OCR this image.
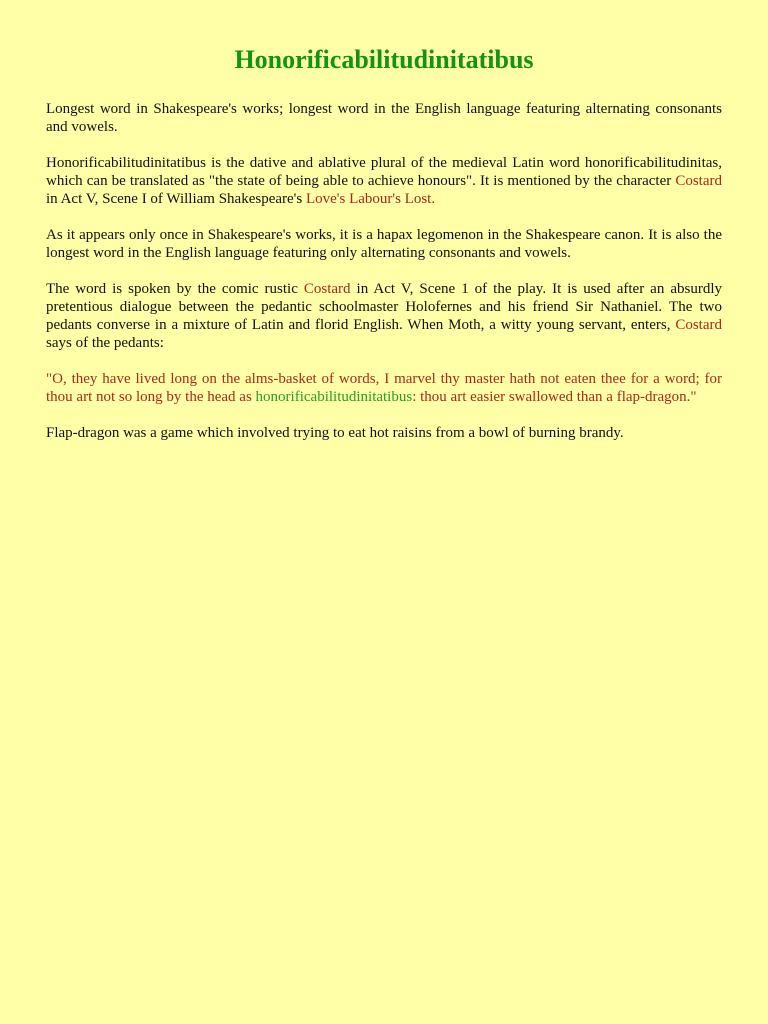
Honorificabilitudinitatibus

Longest word in Shakespeare's works; longest word in the English language featuring alternating consonants and vowels.

Honorificabilitudinitatibus is the dative and ablative plural of the medieval Latin word honorificabilitudinitas, which can be translated as "the state of being able to achieve honours". It is mentioned by the character Costard in Act V, Scene I of William Shakespeare's Love's Labour's Lost.

As it appears only once in Shakespeare's works, it is a hapax legomenon in the Shakespeare canon. It is also the longest word in the English language featuring only alternating consonants and vowels.

The word is spoken by the comic rustic Costard in Act V, Scene 1 of the play. It is used after an absurdly pretentious dialogue between the pedantic schoolmaster Holofernes and his friend Sir Nathaniel. The two pedants converse in a mixture of Latin and florid English. When Moth, a witty young servant, enters, Costard says of the pedants:

"O, they have lived long on the alms-basket of words, I marvel thy master hath not eaten thee for a word; for thou art not so long by the head as honorificabilitudinitatibus: thou art easier swallowed than a flap-dragon."

Flap-dragon was a game which involved trying to eat hot raisins from a bowl of burning brandy.
